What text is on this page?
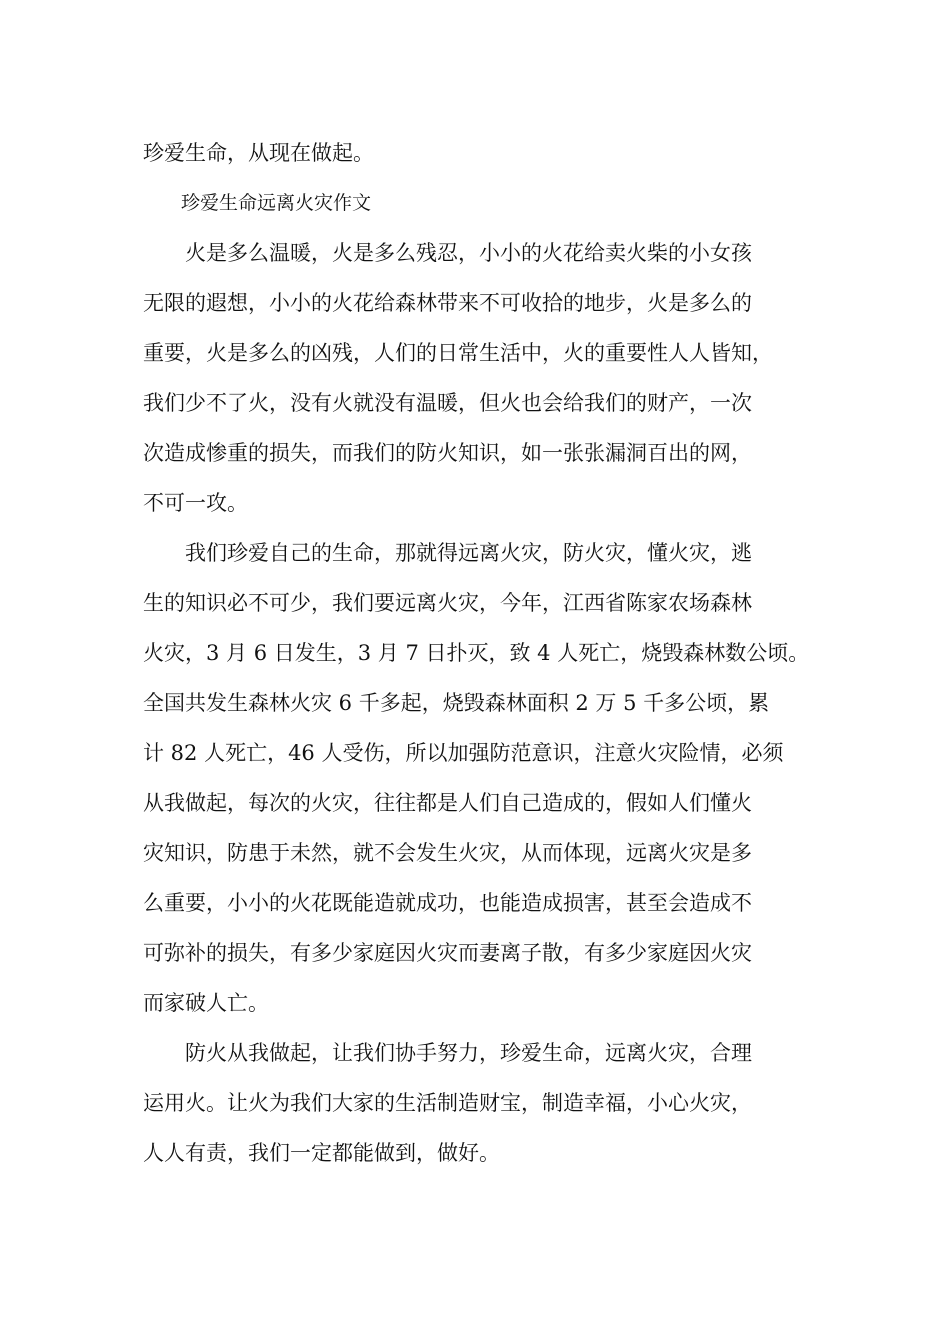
珍爱生命，从现在做起。

珍爱生命远离火灾作文

火是多么温暖，火是多么残忍，小小的火花给卖火柴的小女孩
无限的遐想，小小的火花给森林带来不可收拾的地步，火是多么的
重要，火是多么的凶残，人们的日常生活中，火的重要性人人皆知，
我们少不了火，没有火就没有温暖，但火也会给我们的财产，一次
次造成惨重的损失，而我们的防火知识，如一张张漏洞百出的网，
不可一攻。

我们珍爱自己的生命，那就得远离火灾，防火灾，懂火灾，逃
生的知识必不可少，我们要远离火灾，今年，江西省陈家农场森林
火灾，3 月 6 日发生，3 月 7 日扑灭，致 4 人死亡，烧毁森林数公顷。
全国共发生森林火灾 6 千多起，烧毁森林面积 2 万 5 千多公顷，累
计 82 人死亡，46 人受伤，所以加强防范意识，注意火灾险情，必须
从我做起，每次的火灾，往往都是人们自己造成的，假如人们懂火
灾知识，防患于未然，就不会发生火灾，从而体现，远离火灾是多
么重要，小小的火花既能造就成功，也能造成损害，甚至会造成不
可弥补的损失，有多少家庭因火灾而妻离子散，有多少家庭因火灾
而家破人亡。

防火从我做起，让我们协手努力，珍爱生命，远离火灾，合理
运用火。让火为我们大家的生活制造财宝，制造幸福，小心火灾，
人人有责，我们一定都能做到，做好。
